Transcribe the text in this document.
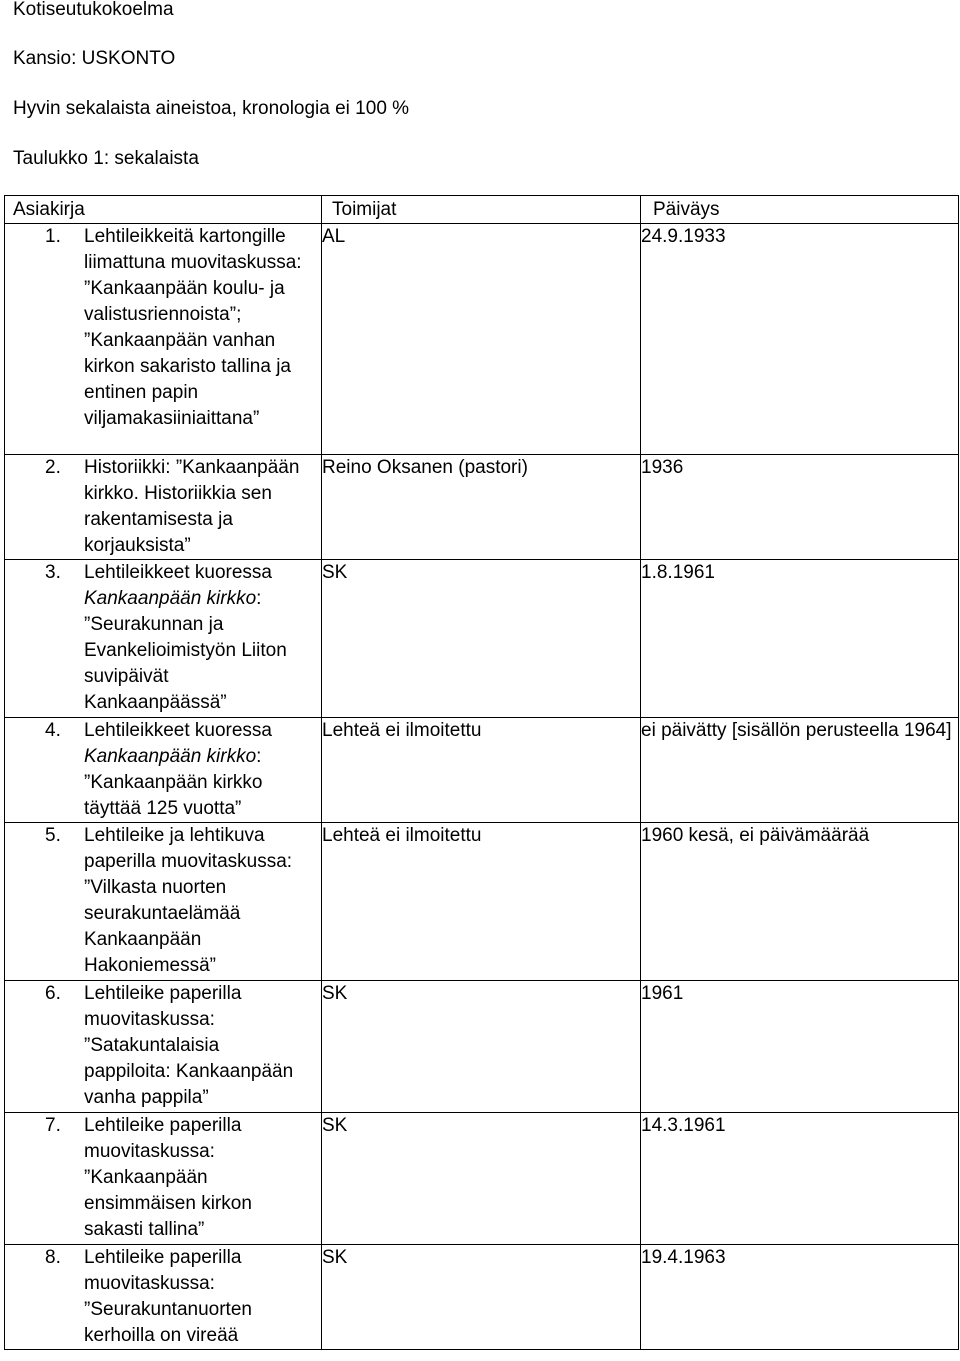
Kotiseutukokoelma
Kansio: USKONTO
Hyvin sekalaista aineistoa, kronologia ei 100 %
Taulukko 1: sekalaista
Asiakirja	Toimijat	Päiväys

1. Lehtileikkeitä kartongille liimattuna muovitaskussa: ”Kankaanpään koulu- ja valistusriennoista”; ”Kankaanpään vanhan kirkon sakaristo tallina ja entinen papin viljamakasiiniaittana”	AL	24.9.1933

2. Historiikki: ”Kankaanpään kirkko. Historiikkia sen rakentamisesta ja korjauksista”	Reino Oksanen (pastori)	1936

3. Lehtileikkeet kuoressa Kankaanpään kirkko: ”Seurakunnan ja Evankelioimistyön Liiton suvipäivät Kankaanpäässä”	SK	1.8.1961

4. Lehtileikkeet kuoressa Kankaanpään kirkko: ”Kankaanpään kirkko täyttää 125 vuotta”	Lehteä ei ilmoitettu	ei päivätty [sisällön perusteella 1964]

5. Lehtileike ja lehtikuva paperilla muovitaskussa: ”Vilkasta nuorten seurakuntaelämää Kankaanpään Hakoniemessä”	Lehteä ei ilmoitettu	1960 kesä, ei päivämäärää

6. Lehtileike paperilla muovitaskussa: ”Satakuntalaisia pappiloita: Kankaanpään vanha pappila”	SK	1961

7. Lehtileike paperilla muovitaskussa: ”Kankaanpään ensimmäisen kirkon sakasti tallina”	SK	14.3.1961

8. Lehtileike paperilla muovitaskussa: ”Seurakuntanuorten kerhoilla on vireää	SK	19.4.1963
